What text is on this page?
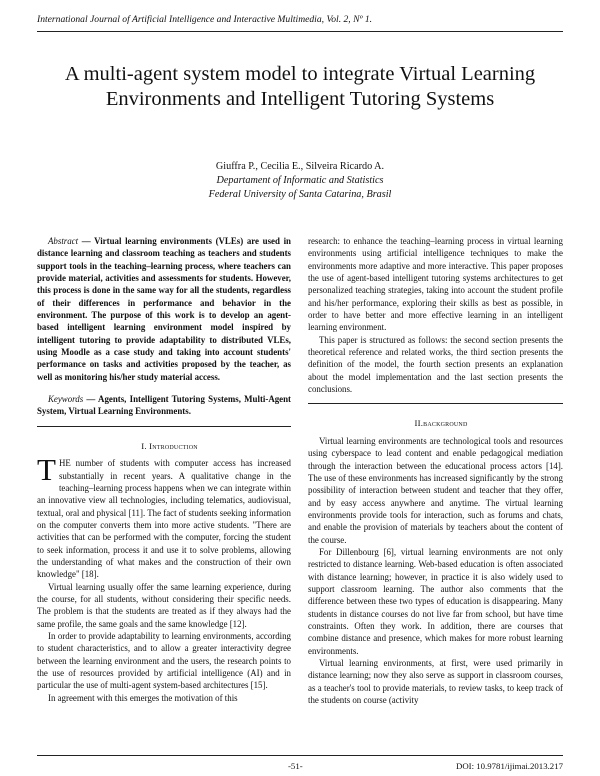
International Journal of Artificial Intelligence and Interactive Multimedia, Vol. 2, Nº 1.
A multi-agent system model to integrate Virtual Learning Environments and Intelligent Tutoring Systems
Giuffra P., Cecilia E., Silveira Ricardo A.
Departament of Informatic and Statistics
Federal University of Santa Catarina, Brasil

Abstract — Virtual learning environments (VLEs) are used in distance learning and classroom teaching as teachers and students support tools in the teaching–learning process, where teachers can provide material, activities and assessments for students. However, this process is done in the same way for all the students, regardless of their differences in performance and behavior in the environment. The purpose of this work is to develop an agent-based intelligent learning environment model inspired by intelligent tutoring to provide adaptability to distributed VLEs, using Moodle as a case study and taking into account students' performance on tasks and activities proposed by the teacher, as well as monitoring his/her study material access.

Keywords — Agents, Intelligent Tutoring Systems, Multi-Agent System, Virtual Learning Environments.

I. Introduction

THE number of students with computer access has increased substantially in recent years. A qualitative change in the teaching–learning process happens when we can integrate within an innovative view all technologies, including telematics, audiovisual, textual, oral and physical [11]. The fact of students seeking information on the computer converts them into more active students. "There are activities that can be performed with the computer, forcing the student to seek information, process it and use it to solve problems, allowing the understanding of what makes and the construction of their own knowledge" [18].

Virtual learning usually offer the same learning experience, during the course, for all students, without considering their specific needs. The problem is that the students are treated as if they always had the same profile, the same goals and the same knowledge [12].

In order to provide adaptability to learning environments, according to student characteristics, and to allow a greater interactivity degree between the learning environment and the users, the research points to the use of resources provided by artificial intelligence (AI) and in particular the use of multi-agent system-based architectures [15].

In agreement with this emerges the motivation of this

research: to enhance the teaching–learning process in virtual learning environments using artificial intelligence techniques to make the environments more adaptive and more interactive. This paper proposes the use of agent-based intelligent tutoring systems architectures to get personalized teaching strategies, taking into account the student profile and his/her performance, exploring their skills as best as possible, in order to have better and more effective learning in an intelligent learning environment.

This paper is structured as follows: the second section presents the theoretical reference and related works, the third section presents the definition of the model, the fourth section presents an explanation about the model implementation and the last section presents the conclusions.

II.background

Virtual learning environments are technological tools and resources using cyberspace to lead content and enable pedagogical mediation through the interaction between the educational process actors [14]. The use of these environments has increased significantly by the strong possibility of interaction between student and teacher that they offer, and by easy access anywhere and anytime. The virtual learning environments provide tools for interaction, such as forums and chats, and enable the provision of materials by teachers about the content of the course.

For Dillenbourg [6], virtual learning environments are not only restricted to distance learning. Web-based education is often associated with distance learning; however, in practice it is also widely used to support classroom learning. The author also comments that the difference between these two types of education is disappearing. Many students in distance courses do not live far from school, but have time constraints. Often they work. In addition, there are courses that combine distance and presence, which makes for more robust learning environments.

Virtual learning environments, at first, were used primarily in distance learning; now they also serve as support in classroom courses, as a teacher's tool to provide materials, to review tasks, to keep track of the students on course (activity

-51-	DOI: 10.9781/ijimai.2013.217
